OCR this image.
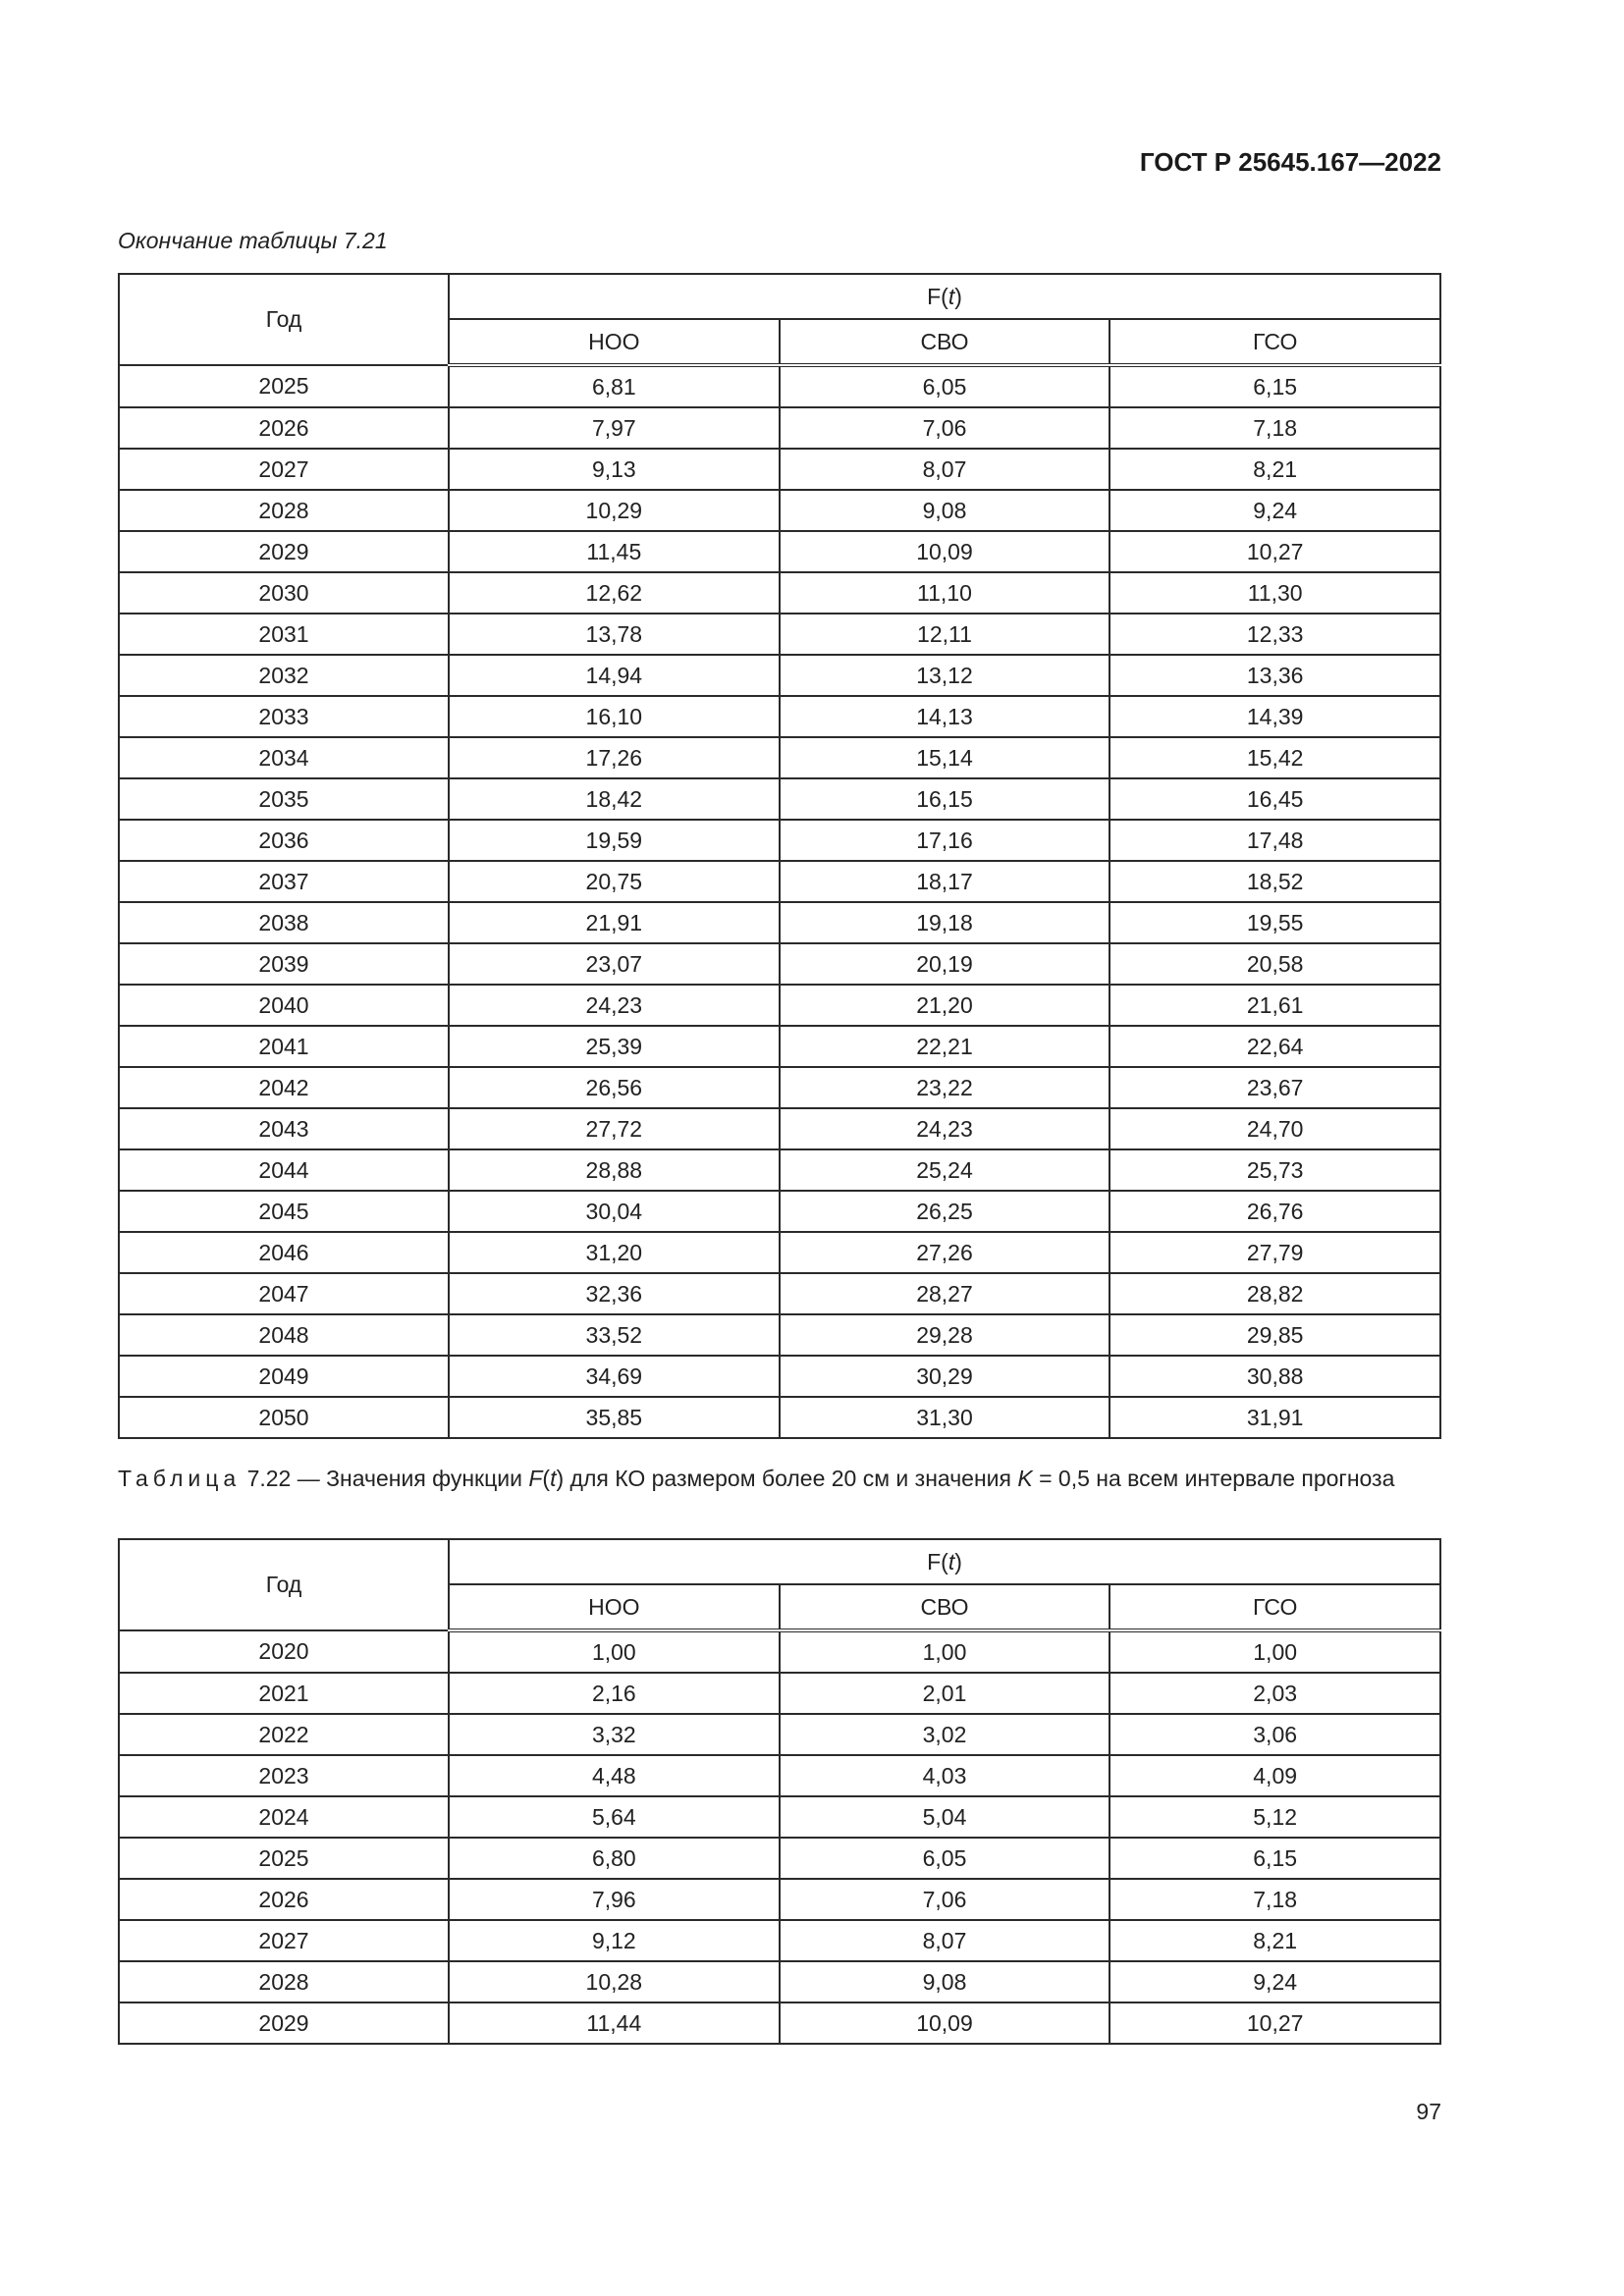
ГОСТ Р 25645.167—2022
Окончание таблицы 7.21
Год	F(t)		
	НОО	СВО	ГСО
2025	6,81	6,05	6,15
2026	7,97	7,06	7,18
2027	9,13	8,07	8,21
2028	10,29	9,08	9,24
2029	11,45	10,09	10,27
2030	12,62	11,10	11,30
2031	13,78	12,11	12,33
2032	14,94	13,12	13,36
2033	16,10	14,13	14,39
2034	17,26	15,14	15,42
2035	18,42	16,15	16,45
2036	19,59	17,16	17,48
2037	20,75	18,17	18,52
2038	21,91	19,18	19,55
2039	23,07	20,19	20,58
2040	24,23	21,20	21,61
2041	25,39	22,21	22,64
2042	26,56	23,22	23,67
2043	27,72	24,23	24,70
2044	28,88	25,24	25,73
2045	30,04	26,25	26,76
2046	31,20	27,26	27,79
2047	32,36	28,27	28,82
2048	33,52	29,28	29,85
2049	34,69	30,29	30,88
2050	35,85	31,30	31,91
Таблица 7.22 — Значения функции F(t) для КО размером более 20 см и значения K = 0,5 на всем интервале прогноза
Год	F(t)		
	НОО	СВО	ГСО
2020	1,00	1,00	1,00
2021	2,16	2,01	2,03
2022	3,32	3,02	3,06
2023	4,48	4,03	4,09
2024	5,64	5,04	5,12
2025	6,80	6,05	6,15
2026	7,96	7,06	7,18
2027	9,12	8,07	8,21
2028	10,28	9,08	9,24
2029	11,44	10,09	10,27
97
